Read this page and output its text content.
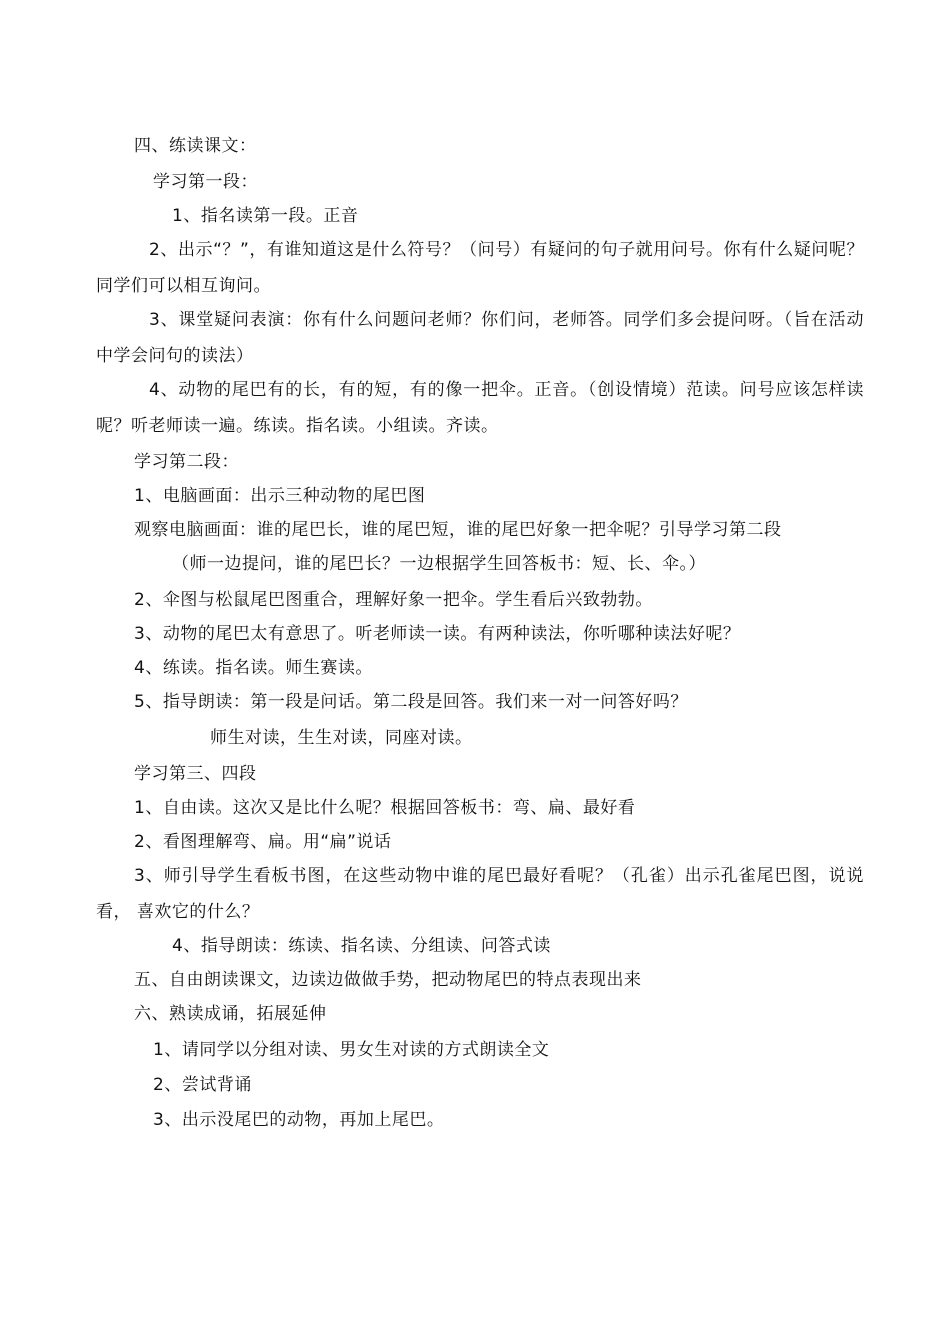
四、练读课文：
学习第一段：
1、指名读第一段。正音
2、出示“？”，有谁知道这是什么符号？（问号）有疑问的句子就用问号。你有什么疑问呢？同学们可以相互询问。
3、课堂疑问表演：你有什么问题问老师？你们问，老师答。同学们多会提问呀。（旨在活动中学会问句的读法）
4、动物的尾巴有的长，有的短，有的像一把伞。正音。（创设情境）范读。问号应该怎样读呢？听老师读一遍。练读。指名读。小组读。齐读。
学习第二段：
1、电脑画面：出示三种动物的尾巴图
观察电脑画面：谁的尾巴长，谁的尾巴短，谁的尾巴好象一把伞呢？引导学习第二段
（师一边提问，谁的尾巴长？一边根据学生回答板书：短、长、伞。）
2、伞图与松鼠尾巴图重合，理解好象一把伞。学生看后兴致勃勃。
3、动物的尾巴太有意思了。听老师读一读。有两种读法，你听哪种读法好呢？
4、练读。指名读。师生赛读。
5、指导朗读：第一段是问话。第二段是回答。我们来一对一问答好吗？
师生对读，生生对读，同座对读。
学习第三、四段
1、自由读。这次又是比什么呢？根据回答板书：弯、扁、最好看
2、看图理解弯、扁。用“扁”说话
3、师引导学生看板书图，在这些动物中谁的尾巴最好看呢？（孔雀）出示孔雀尾巴图，说说看， 喜欢它的什么？
4、指导朗读：练读、指名读、分组读、问答式读
五、自由朗读课文，边读边做做手势，把动物尾巴的特点表现出来
六、熟读成诵，拓展延伸
1、请同学以分组对读、男女生对读的方式朗读全文
2、尝试背诵
3、出示没尾巴的动物，再加上尾巴。
